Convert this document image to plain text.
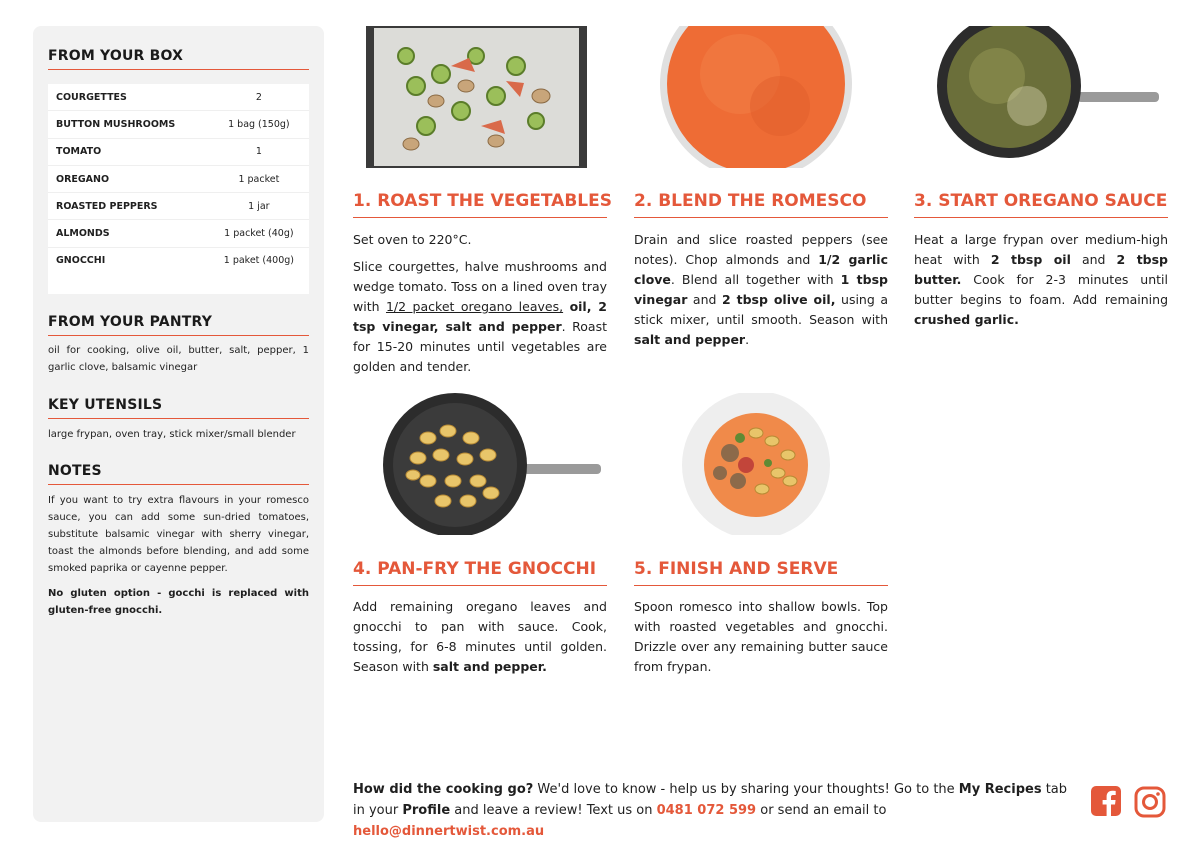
FROM YOUR BOX
COURGETTES	2
BUTTON MUSHROOMS	1 bag (150g)
TOMATO	1
OREGANO	1 packet
ROASTED PEPPERS	1 jar
ALMONDS	1 packet (40g)
GNOCCHI	1 paket (400g)
FROM YOUR PANTRY
oil for cooking, olive oil, butter, salt, pepper, 1 garlic clove, balsamic vinegar
KEY UTENSILS
large frypan, oven tray, stick mixer/small blender
NOTES

If you want to try extra flavours in your romesco sauce, you can add some sun-dried tomatoes, substitute balsamic vinegar with sherry vinegar, toast the almonds before blending, and add some smoked paprika or cayenne pepper.

No gluten option - gocchi is replaced with gluten-free gnocchi.

1. ROAST THE VEGETABLES

Set oven to 220°C.

Slice courgettes, halve mushrooms and wedge tomato. Toss on a lined oven tray with 1/2 packet oregano leaves, oil, 2 tsp vinegar, salt and pepper. Roast for 15-20 minutes until vegetables are golden and tender.

2. BLEND THE ROMESCO

Drain and slice roasted peppers (see notes). Chop almonds and 1/2 garlic clove. Blend all together with 1 tbsp vinegar and 2 tbsp olive oil, using a stick mixer, until smooth. Season with salt and pepper.

3. START OREGANO SAUCE

Heat a large frypan over medium-high heat with 2 tbsp oil and 2 tbsp butter. Cook for 2-3 minutes until butter begins to foam. Add remaining crushed garlic.

4. PAN-FRY THE GNOCCHI

Add remaining oregano leaves and gnocchi to pan with sauce. Cook, tossing, for 6-8 minutes until golden. Season with salt and pepper.

5. FINISH AND SERVE

Spoon romesco into shallow bowls. Top with roasted vegetables and gnocchi. Drizzle over any remaining butter sauce from frypan.

How did the cooking go? We'd love to know - help us by sharing your thoughts! Go to the My Recipes tab in your Profile and leave a review! Text us on 0481 072 599 or send an email to hello@dinnertwist.com.au
